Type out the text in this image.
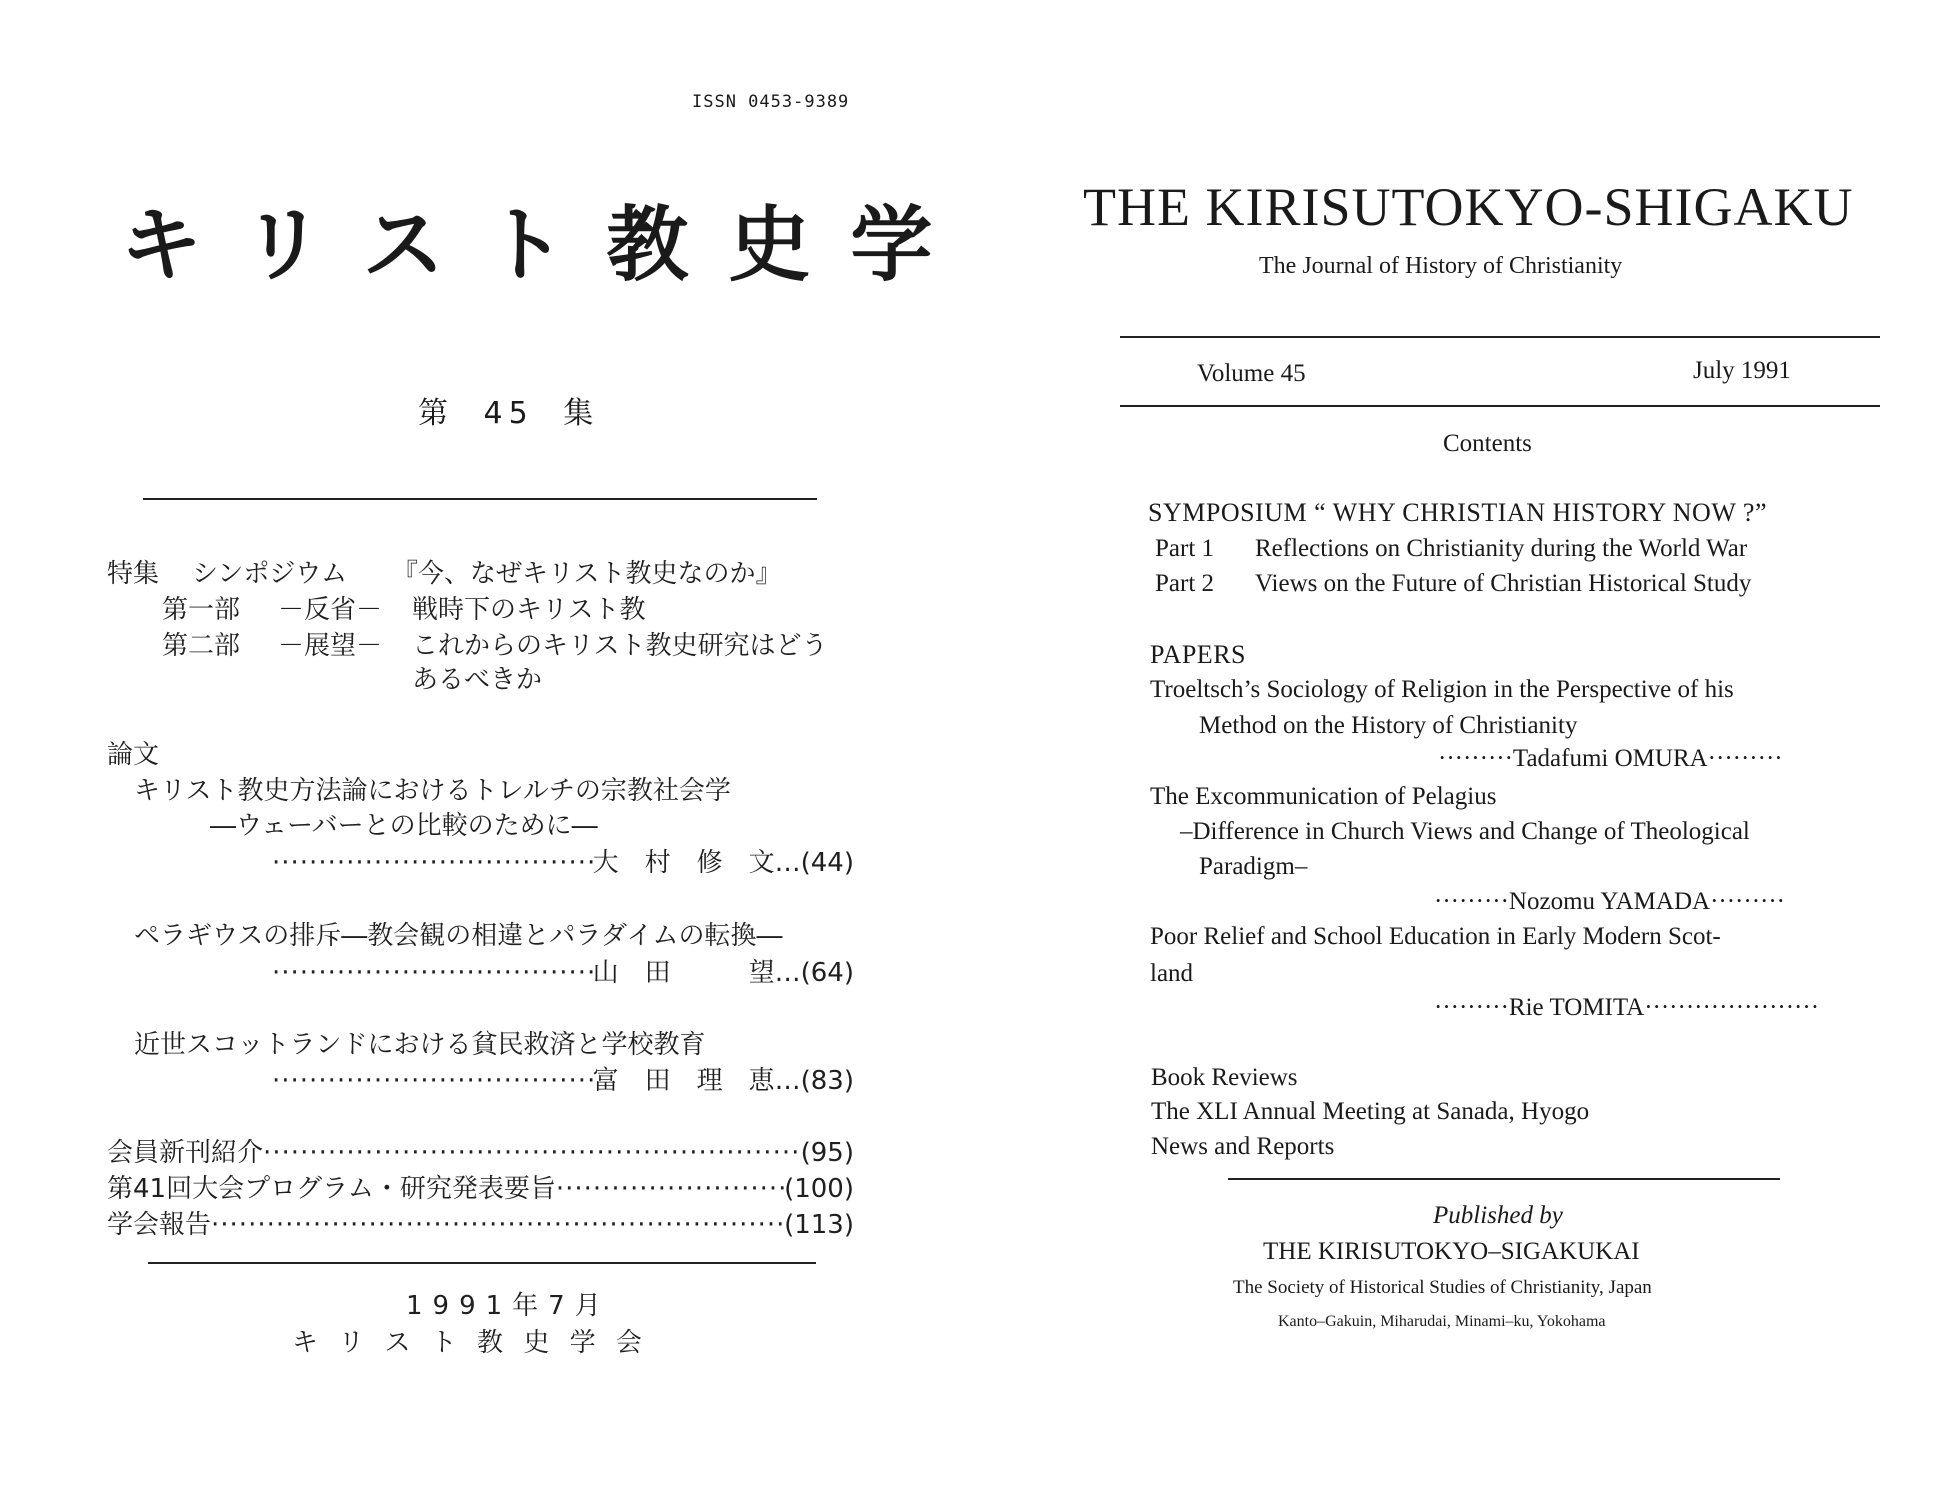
ISSN 0453-9389
キリスト教史学
第 45 集
特集 シンポジウム 『今、なぜキリスト教史なのか』
第一部 －反省－ 戦時下のキリスト教
第二部 －展望－ これからのキリスト教史研究はどう
あるべきか
論文
キリスト教史方法論におけるトレルチの宗教社会学
―ウェーバーとの比較のために―
·····
大　村　修　文 … (44)
ペラギウスの排斥―教会観の相違とパラダイムの転換―
·····
山　田　　　望 … (64)
近世スコットランドにおける貧民救済と学校教育
·····
富　田　理　恵 … (83)
会員新刊紹介 ·····	(95)
第41回大会プログラム・研究発表要旨 ·····	(100)
学会報告 ·····	(113)
1991年7月
キ リ ス ト 教 史 学 会
THE KIRISUTOKYO-SHIGAKU
The Journal of History of Christianity
Volume 45	July 1991
Contents
SYMPOSIUM “ WHY CHRISTIAN HISTORY NOW ?”
Part 1 Reflections on Christianity during the World War
Part 2 Views on the Future of Christian Historical Study
PAPERS
Troeltsch’s Sociology of Religion in the Perspective of his
Method on the History of Christianity
·········Tadafumi OMURA·········
The Excommunication of Pelagius
–Difference in Church Views and Change of Theological
Paradigm–
·········Nozomu YAMADA·········
Poor Relief and School Education in Early Modern Scot-
land
·········Rie TOMITA·····················
Book Reviews
The XLI Annual Meeting at Sanada, Hyogo
News and Reports
Published by
THE KIRISUTOKYO–SIGAKUKAI
The Society of Historical Studies of Christianity, Japan
Kanto–Gakuin, Miharudai, Minami–ku, Yokohama
